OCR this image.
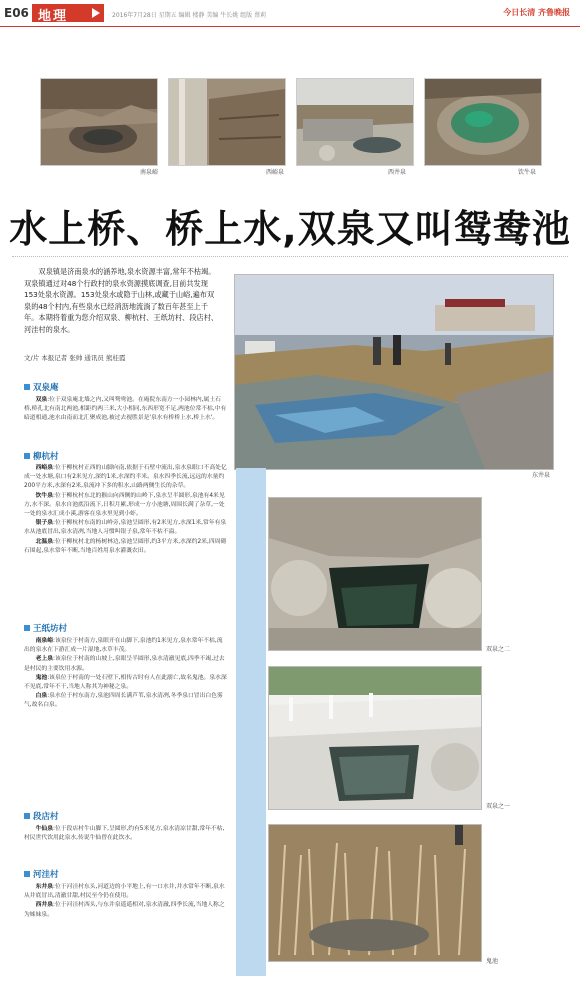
E06 地理	2016年7月28日 星期五 编辑 楼静 美编 牛长姚 组版 蔡莉	今日长清 齐鲁晚报
南泉峪	西峪泉	西井泉	饮牛泉
水上桥、桥上水,双泉又叫鸳鸯池
双泉镇是济南泉水的涵养地,泉水资源丰富,常年不枯竭。双泉镇通过对48个行政村的泉水资源摸底调查,目前共发现153处泉水资源。153处泉水或隐于山林,或藏于山峪,遍布双泉的48个村内,有些泉水已经消沥地流淌了数百年甚至上千年。本期将着重为您介绍双泉、柳杭村、王纸坊村、段店村、河洼村的泉水。
文/片 本报记者 张帅 通讯员 熊桂霞
双泉庵
双泉:位于双泉庵北墙之内,又叫鸳鸯池。在庵院东南方一小园林内,属土石桥,桥孔北有南北两池,相距约两三米,大小相同,东西形宽不足,两池位常不枯,中有暗道相通,池水由南而北汇聚成池,被过去视胜景是'泉水有桥桥上水,桥上水'。
柳杭村
西峪泉:位于柳杭村正西的山脚向南,依据于石壁中流出,泉水泉眼口不高处亿成一处水塘,泉口有2米见方,深约1米,水深约半米。泉水四季长流,远远的水量约200平方米,水深有2米,泉流冲下多的积水,山路两侧生长的杂草。
饮牛泉:位于柳杭村东北的猴山向西侧的山岭下,泉水呈半圆形,泉池有4米见方,水不深。泉水自池底沿流下,日积月累,形成一方小池塘,周围长满了杂草,一处一处的泉水汇成小溪,游客在泉水里见到小虾。
银子泉:位于柳杭村东南的山岭旁,泉池呈圆形,有2米见方,水深1米,常年有泉水从池底冒出,泉水清冽,当地人习惯叫银子泉,常年不枯不溢。
北温泉:位于柳杭村北的杨树林边,泉池呈圆形,约3平方米,水深约2米,四周砌石围起,泉水常年不断,当地百姓用泉水灌溉农田。
王纸坊村
南泉峪:该泉位于村南方,泉眼开在山脚下,泉池约1米见方,泉水常年不枯,流出的泉水在下游汇成一片湿地,水草丰茂。
老上泉:该泉位于村南的山坡上,泉眼呈半圆形,泉水清澈见底,四季不竭,过去是村民的主要饮用水源。
鬼池:该泉位于村南的一处石壁下,相传古时有人在此溺亡,故名鬼池。泉水深不见底,常年不干,当地人称其为神秘之泉。
白泉:泉水位于村东南方,泉池四周长满芦苇,泉水清冽,冬季泉口冒出白色雾气,故名白泉。
段店村
牛仙泉:位于段店村牛山脚下,呈圆形,约有5米见方,泉水清凉甘甜,常年不枯,村民世代饮用此泉水,传说牛仙曾在此饮水。
河洼村
东井泉:位于河洼村东头,河道边的小平地上,有一口水井,井水常年不断,泉水从井底冒出,清澈甘甜,村民至今仍在使用。
西井泉:位于河洼村西头,与东井泉遥遥相对,泉水清澈,四季长流,当地人称之为姊妹泉。
东井泉
双泉之二
双泉之一
鬼池
